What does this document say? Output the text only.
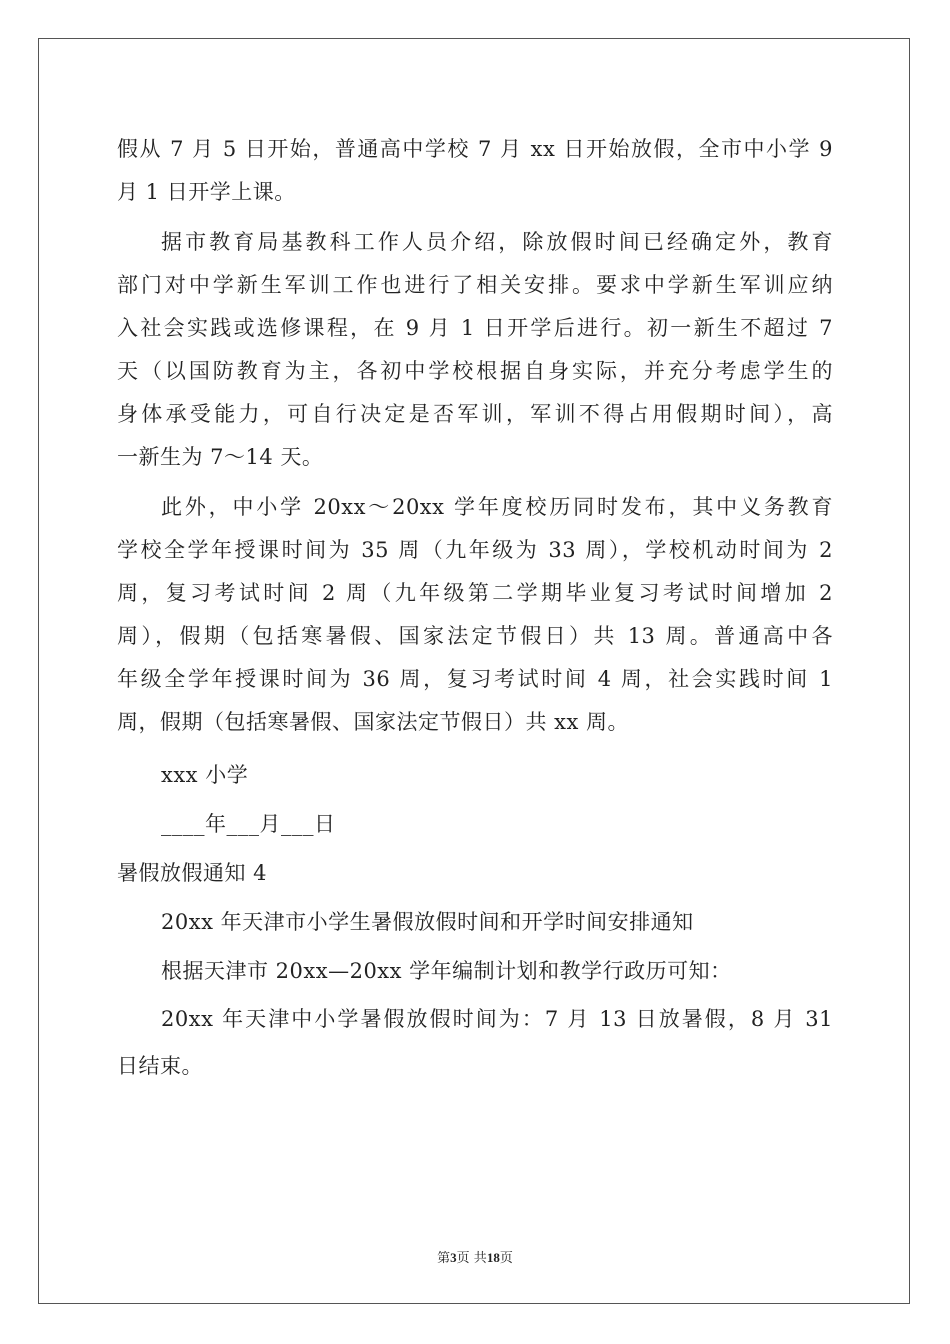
假从 7 月 5 日开始，普通高中学校 7 月 xx 日开始放假，全市中小学 9
月 1 日开学上课。
据市教育局基教科工作人员介绍，除放假时间已经确定外，教育
部门对中学新生军训工作也进行了相关安排。要求中学新生军训应纳
入社会实践或选修课程，在 9 月 1 日开学后进行。初一新生不超过 7
天（以国防教育为主，各初中学校根据自身实际，并充分考虑学生的
身体承受能力，可自行决定是否军训，军训不得占用假期时间），高
一新生为 7～14 天。
此外，中小学 20xx～20xx 学年度校历同时发布，其中义务教育
学校全学年授课时间为 35 周（九年级为 33 周），学校机动时间为 2
周，复习考试时间 2 周（九年级第二学期毕业复习考试时间增加 2
周），假期（包括寒暑假、国家法定节假日）共 13 周。普通高中各
年级全学年授课时间为 36 周，复习考试时间 4 周，社会实践时间 1
周，假期（包括寒暑假、国家法定节假日）共 xx 周。
xxx 小学
____年___月___日
暑假放假通知 4
20xx 年天津市小学生暑假放假时间和开学时间安排通知
根据天津市 20xx—20xx 学年编制计划和教学行政历可知：
20xx 年天津中小学暑假放假时间为：7 月 13 日放暑假，8 月 31
日结束。
第3页 共18页
